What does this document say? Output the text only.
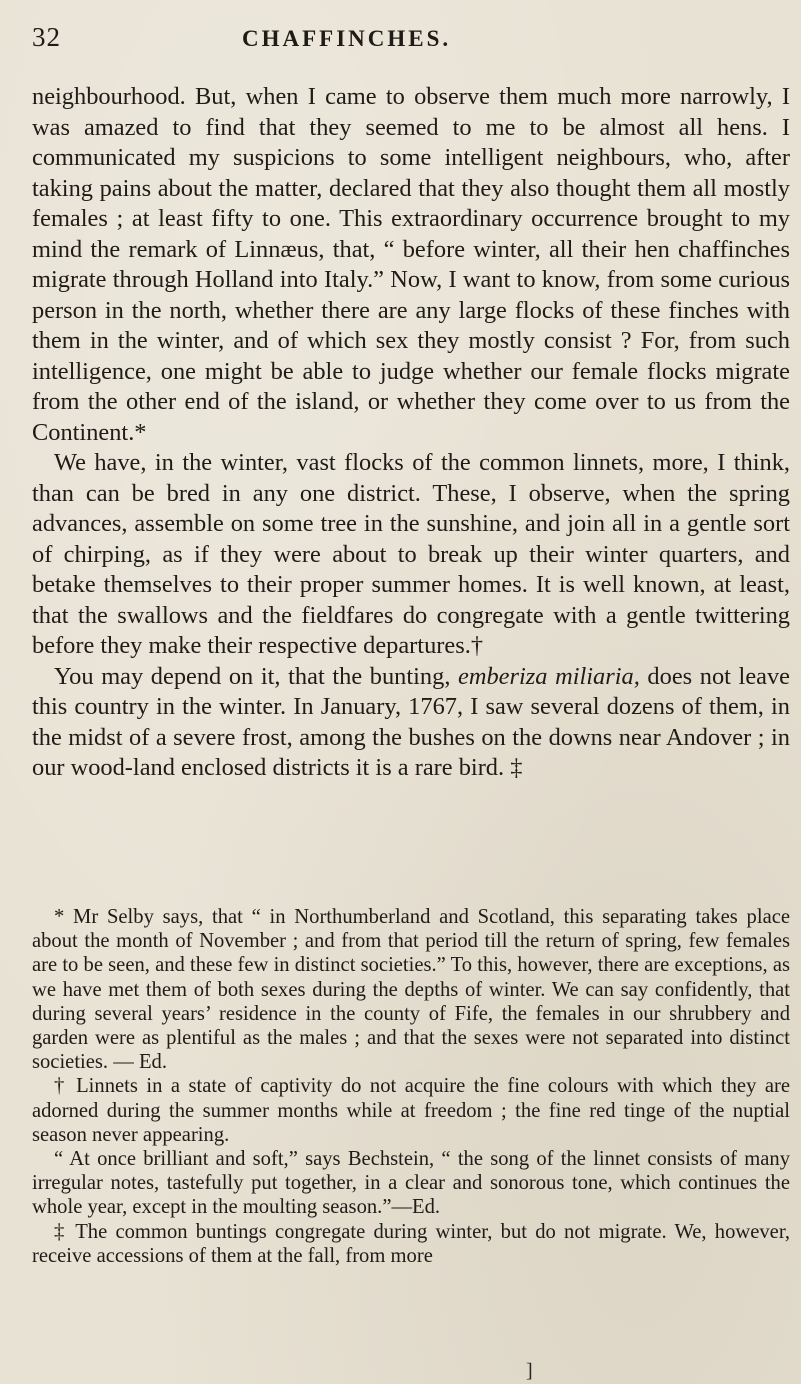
32	CHAFFINCHES.

neighbourhood. But, when I came to observe them much more narrowly, I was amazed to find that they seemed to me to be almost all hens. I communicated my suspicions to some intelligent neighbours, who, after taking pains about the matter, declared that they also thought them all mostly females ; at least fifty to one. This extraordinary occurrence brought to my mind the remark of Linnæus, that, “ before winter, all their hen chaffinches migrate through Holland into Italy.” Now, I want to know, from some curious person in the north, whether there are any large flocks of these finches with them in the winter, and of which sex they mostly consist ? For, from such intelligence, one might be able to judge whether our female flocks migrate from the other end of the island, or whether they come over to us from the Continent.*

We have, in the winter, vast flocks of the common linnets, more, I think, than can be bred in any one district. These, I observe, when the spring advances, assemble on some tree in the sunshine, and join all in a gentle sort of chirping, as if they were about to break up their winter quarters, and betake themselves to their proper summer homes. It is well known, at least, that the swallows and the fieldfares do congregate with a gentle twittering before they make their respective departures.†

You may depend on it, that the bunting, emberiza miliaria, does not leave this country in the winter. In January, 1767, I saw several dozens of them, in the midst of a severe frost, among the bushes on the downs near Andover ; in our wood-land enclosed districts it is a rare bird. ‡

* Mr Selby says, that “ in Northumberland and Scotland, this separating takes place about the month of November ; and from that period till the return of spring, few females are to be seen, and these few in distinct societies.” To this, however, there are exceptions, as we have met them of both sexes during the depths of winter. We can say confidently, that during several years’ residence in the county of Fife, the females in our shrubbery and garden were as plentiful as the males ; and that the sexes were not separated into distinct societies. — Ed.

† Linnets in a state of captivity do not acquire the fine colours with which they are adorned during the summer months while at freedom ; the fine red tinge of the nuptial season never appearing.

“ At once brilliant and soft,” says Bechstein, “ the song of the linnet consists of many irregular notes, tastefully put together, in a clear and sonorous tone, which continues the whole year, except in the moulting season.”—Ed.

‡ The common buntings congregate during winter, but do not migrate. We, however, receive accessions of them at the fall, from more

]
